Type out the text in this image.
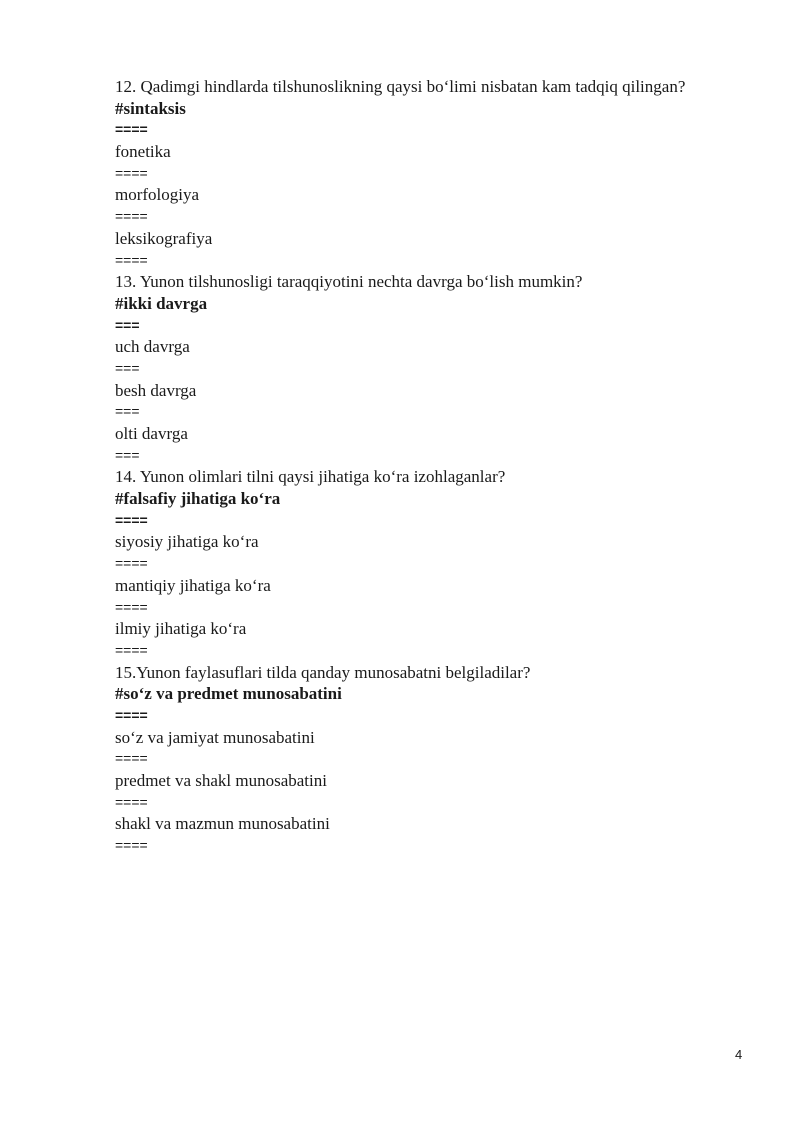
12. Qadimgi hindlarda tilshunoslikning qaysi bo‘limi nisbatan kam tadqiq qilingan?
#sintaksis
====
fonetika
====
morfologiya
====
leksikografiya
====
13. Yunon tilshunosligi taraqqiyotini nechta davrga bo‘lish mumkin?
#ikki davrga
===
uch davrga
===
besh davrga
===
olti davrga
===
14. Yunon olimlari tilni qaysi jihatiga ko‘ra izohlaganlar?
#falsafiy jihatiga ko‘ra
====
siyosiy jihatiga ko‘ra
====
mantiqiy jihatiga ko‘ra
====
ilmiy jihatiga ko‘ra
====
15.Yunon faylasuflari tilda qanday munosabatni belgiladilar?
#so‘z va predmet munosabatini
====
so‘z va jamiyat munosabatini
====
predmet va shakl munosabatini
====
shakl va mazmun munosabatini
====
4
